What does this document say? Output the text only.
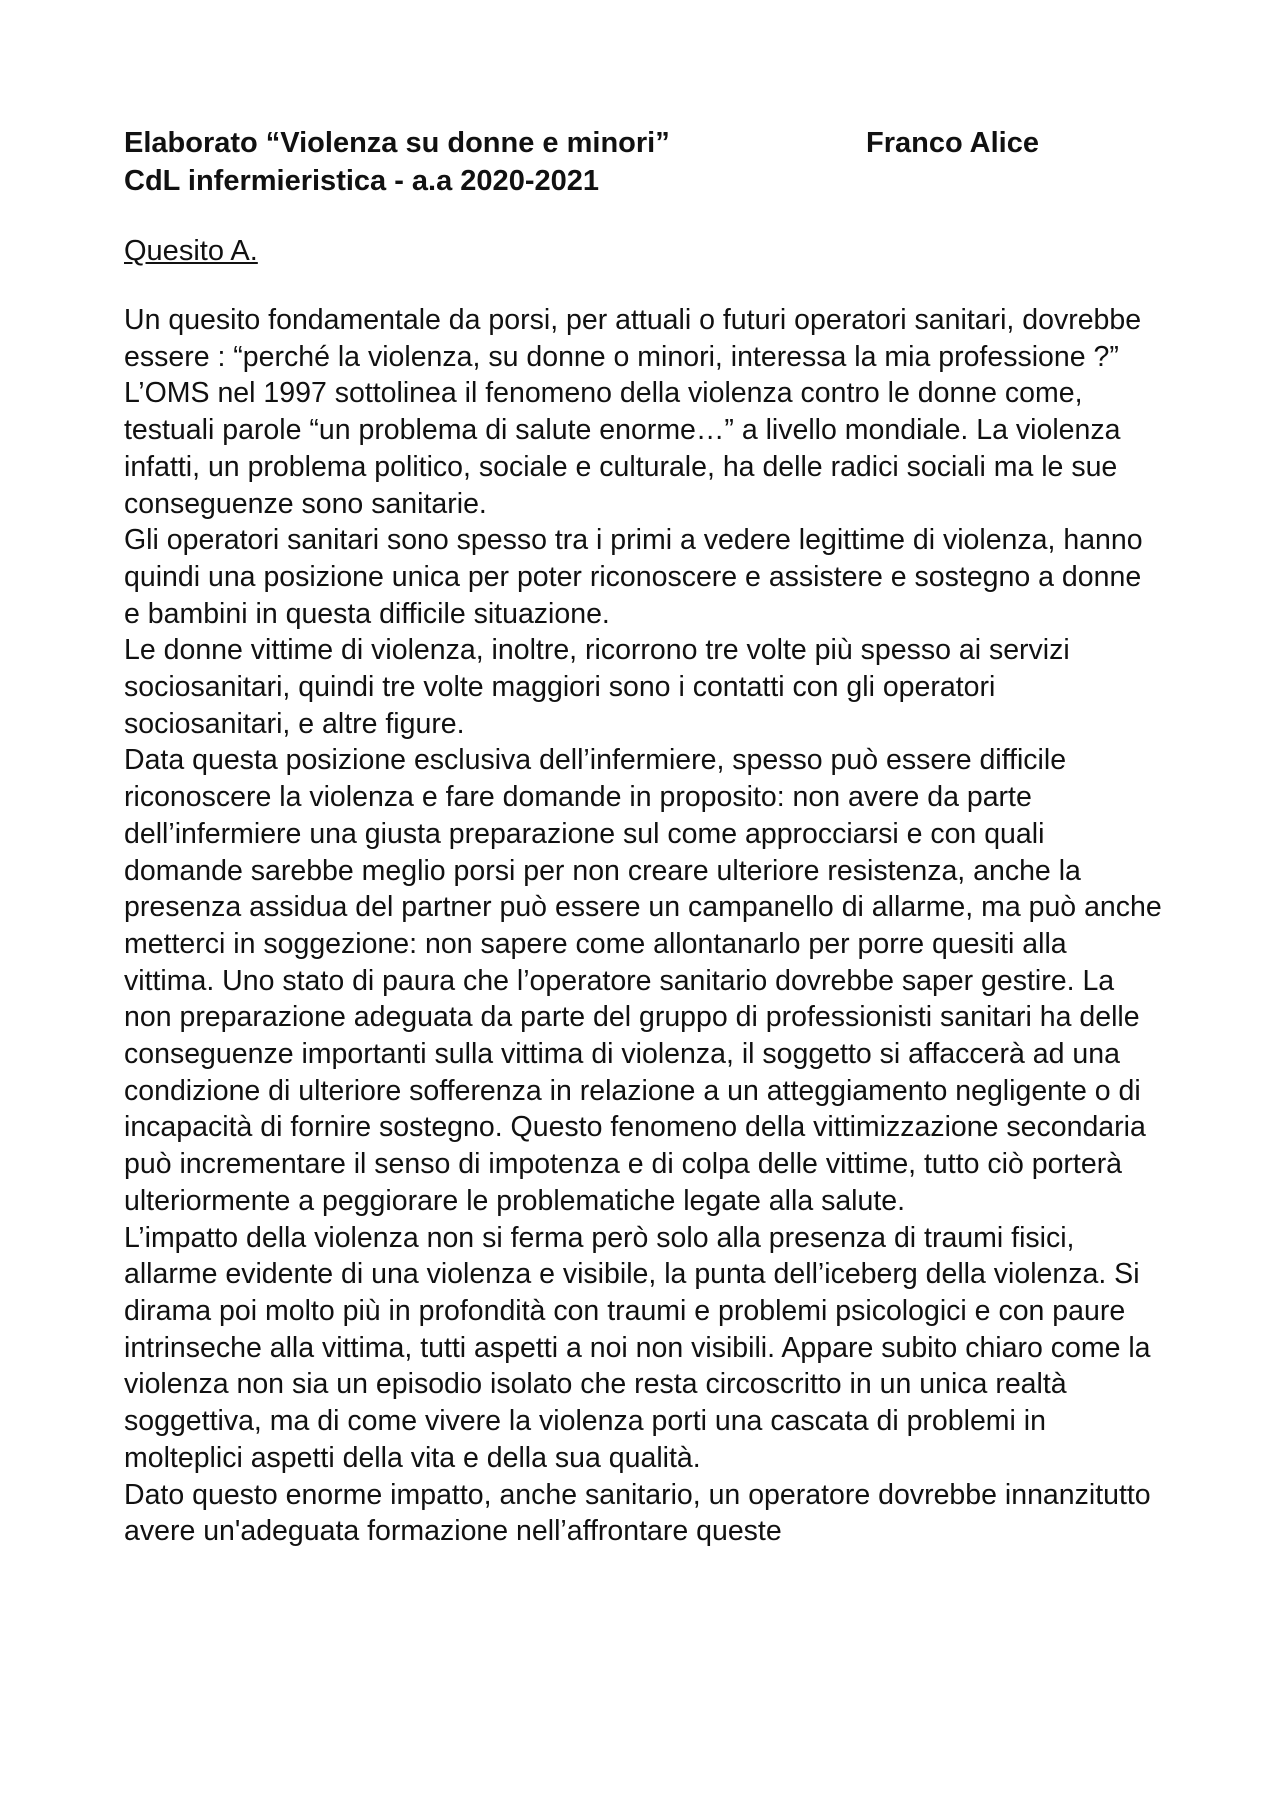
Elaborato “Violenza su donne e minori”	Franco Alice
CdL infermieristica - a.a 2020-2021
Quesito A.

Un quesito fondamentale da porsi, per attuali o futuri operatori sanitari, dovrebbe essere : “perché la violenza, su donne o minori, interessa la mia professione ?”

L’OMS nel 1997 sottolinea il fenomeno della violenza contro le donne come, testuali parole “un problema di salute enorme…” a livello mondiale. La violenza infatti, un problema politico, sociale e culturale, ha delle radici sociali ma le sue conseguenze sono sanitarie.

Gli operatori sanitari sono spesso tra i primi a vedere legittime di violenza, hanno quindi una posizione unica per poter riconoscere e assistere e sostegno a donne e bambini in questa difficile situazione.

Le donne vittime di violenza, inoltre, ricorrono tre volte più spesso ai servizi sociosanitari, quindi tre volte maggiori sono i contatti con gli operatori sociosanitari, e altre figure.

Data questa posizione esclusiva dell’infermiere, spesso può essere difficile riconoscere la violenza e fare domande in proposito: non avere da parte dell’infermiere una giusta preparazione sul come approcciarsi e con quali domande sarebbe meglio porsi per non creare ulteriore resistenza, anche la presenza assidua del partner può essere un campanello di allarme, ma può anche metterci in soggezione: non sapere come allontanarlo per porre quesiti alla vittima. Uno stato di paura che l’operatore sanitario dovrebbe saper gestire. La non preparazione adeguata da parte del gruppo di professionisti sanitari ha delle conseguenze importanti sulla vittima di violenza, il soggetto si affaccerà ad una condizione di ulteriore sofferenza in relazione a un atteggiamento negligente o di incapacità di fornire sostegno. Questo fenomeno della vittimizzazione secondaria può incrementare il senso di impotenza e di colpa delle vittime, tutto ciò porterà ulteriormente a peggiorare le problematiche legate alla salute.

L’impatto della violenza non si ferma però solo alla presenza di traumi fisici, allarme evidente di una violenza e visibile, la punta dell’iceberg della violenza. Si dirama poi molto più in profondità con traumi e problemi psicologici e con paure intrinseche alla vittima, tutti aspetti a noi non visibili. Appare subito chiaro come la violenza non sia un episodio isolato che resta circoscritto in un unica realtà soggettiva, ma di come vivere la violenza porti una cascata di problemi in molteplici aspetti della vita e della sua qualità.

Dato questo enorme impatto, anche sanitario, un operatore dovrebbe innanzitutto avere un'adeguata formazione nell’affrontare queste
